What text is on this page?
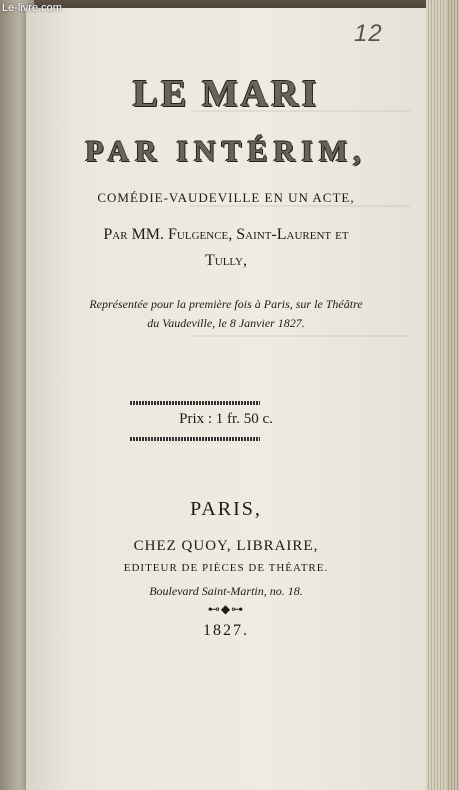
Le-livre.com
12
LE MARI
PAR INTÉRIM,
COMÉDIE-VAUDEVILLE EN UN ACTE,
Par MM. Fulgence, Saint-Laurent et
Tully,
Représentée pour la première fois à Paris, sur le Théâtre
du Vaudeville, le 8 Janvier 1827.
Prix : 1 fr. 50 c.
PARIS,
CHEZ QUOY, LIBRAIRE,
EDITEUR DE PIÈCES DE THÉATRE.
Boulevard Saint-Martin, no. 18.
⊷◆⊶
1827.
